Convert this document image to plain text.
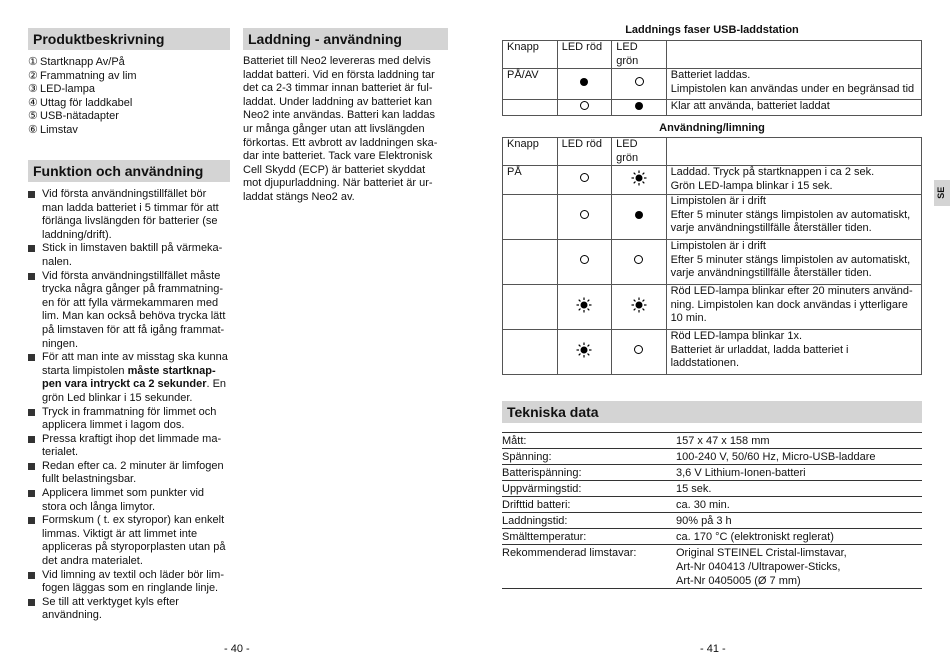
Produktbeskrivning
① Startknapp Av/På
② Frammatning av lim
③ LED-lampa
④ Uttag för laddkabel
⑤ USB-nätadapter
⑥ Limstav
Funktion och användning
Vid första användningstillfället bör man ladda batteriet i 5 timmar för att förlänga livslängden för batterier (se laddning/drift).
Stick in limstaven baktill på värmeka-nalen.
Vid första användningstillfället måste trycka några gånger på frammatning-en för att fylla värmekammaren med lim. Man kan också behöva trycka lätt på limstaven för att få igång frammat-ningen.
För att man inte av misstag ska kunna starta limpistolen måste startknap-pen vara intryckt ca 2 sekunder. En grön Led blinkar i 15 sekunder.
Tryck in frammatning för limmet och applicera limmet i lagom dos.
Pressa kraftigt ihop det limmade ma-terialet.
Redan efter ca. 2 minuter är limfogen fullt belastningsbar.
Applicera limmet som punkter vid stora och långa limytor.
Formskum ( t. ex styropor) kan enkelt limmas. Viktigt är att limmet inte appliceras på styroporplasten utan på det andra materialet.
Vid limning av textil och läder bör lim-fogen läggas som en ringlande linje.
Se till att verktyget kyls efter användning.
Laddning - användning
Batteriet till Neo2 levereras med delvis laddat batteri. Vid en första laddning tar det ca 2-3 timmar innan batteriet är ful-laddat. Under laddning av batteriet kan Neo2 inte användas. Batteri kan laddas ur många gånger utan att livslängden förkortas. Ett avbrott av laddningen ska-dar inte batteriet. Tack vare Elektronisk Cell Skydd (ECP) är batteriet skyddat mot djupurladdning. När batteriet är ur-laddat stängs Neo2 av.
- 40 -
Laddnings faser USB-laddstation
Knapp	LED röd	LED grön	
PÅ/AV			Batteriet laddas.
Limpistolen kan användas under en begränsad tid
			Klar att använda, batteriet laddat
Användning/limning
Knapp	LED röd	LED grön	
PÅ			Laddad. Tryck på startknappen i ca 2 sek.
Grön LED-lampa blinkar i 15 sek.
			Limpistolen är i drift
Efter 5 minuter stängs limpistolen av automatiskt, varje användningstillfälle återställer tiden.
			Limpistolen är i drift
Efter 5 minuter stängs limpistolen av automatiskt, varje användningstillfälle återställer tiden.
			Röd LED-lampa blinkar efter 20 minuters använd-ning. Limpistolen kan dock användas i ytterligare 10 min.
			Röd LED-lampa blinkar 1x.
Batteriet är urladdat, ladda batteriet i laddstationen.
Tekniska data
Mått:	157 x 47 x 158 mm
Spänning:	100-240 V, 50/60 Hz, Micro-USB-laddare
Batterispänning:	3,6 V Lithium-Ionen-batteri
Uppvärmingstid:	15 sek.
Drifttid batteri:	ca. 30 min.
Laddningstid:	90% på 3 h
Smälttemperatur:	ca. 170 °C (elektroniskt reglerat)
Rekommenderad limstavar:	Original STEINEL Cristal-limstavar,
Art-Nr 040413 /Ultrapower-Sticks,
Art-Nr 0405005 (Ø 7 mm)
SE
- 41 -
